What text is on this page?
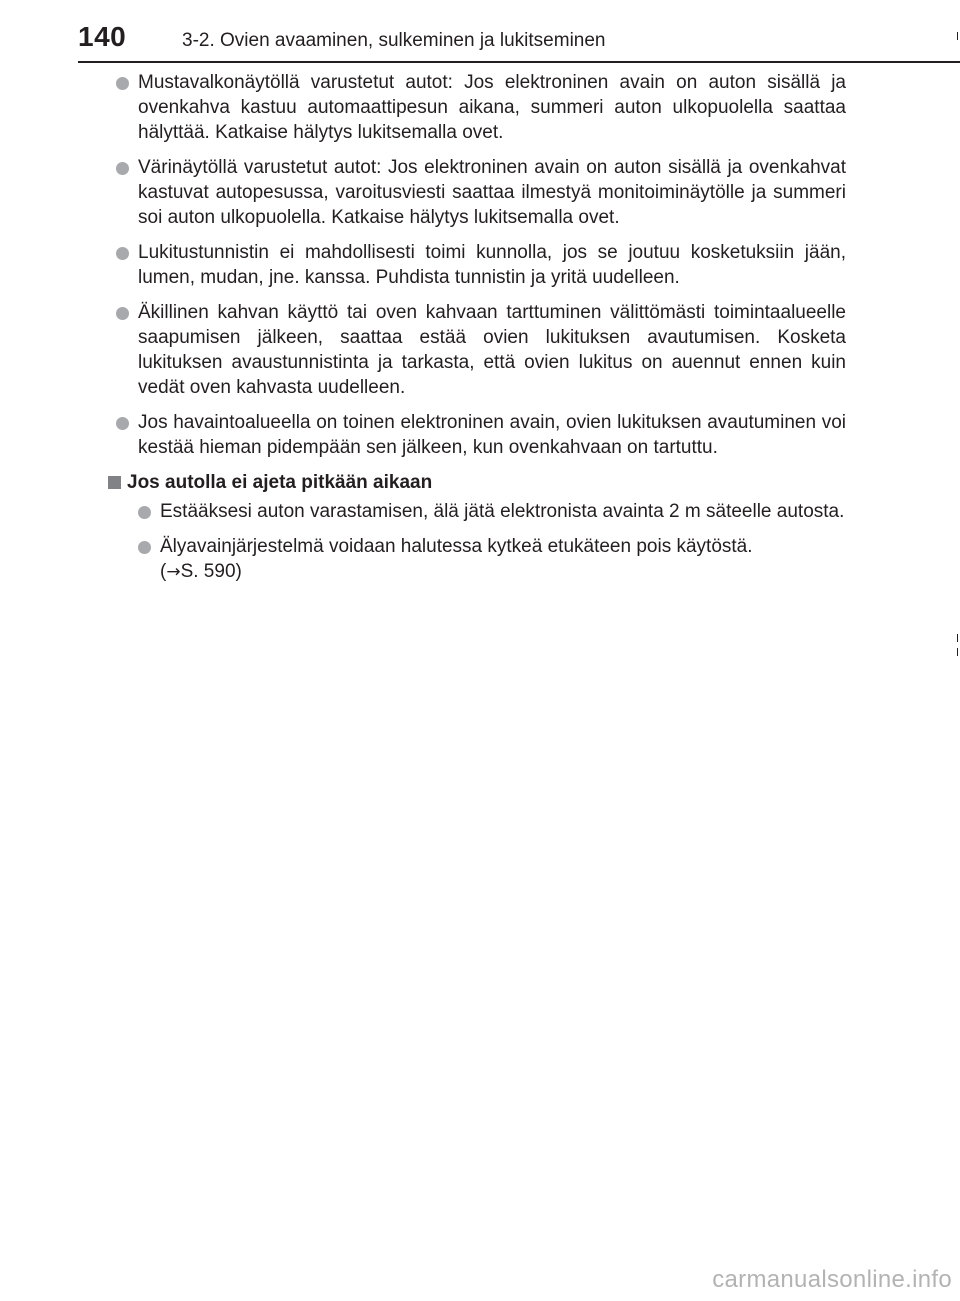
140	3-2. Ovien avaaminen, sulkeminen ja lukitseminen
Mustavalkonäytöllä varustetut autot: Jos elektroninen avain on auton sisällä ja ovenkahva kastuu automaattipesun aikana, summeri auton ulkopuolella saattaa hälyttää. Katkaise hälytys lukitsemalla ovet.
Värinäytöllä varustetut autot: Jos elektroninen avain on auton sisällä ja ovenkahvat kastuvat autopesussa, varoitusviesti saattaa ilmestyä monitoiminäytölle ja summeri soi auton ulkopuolella. Katkaise hälytys lukitsemalla ovet.
Lukitustunnistin ei mahdollisesti toimi kunnolla, jos se joutuu kosketuksiin jään, lumen, mudan, jne. kanssa. Puhdista tunnistin ja yritä uudelleen.
Äkillinen kahvan käyttö tai oven kahvaan tarttuminen välittömästi toimintaalueelle saapumisen jälkeen, saattaa estää ovien lukituksen avautumisen. Kosketa lukituksen avaustunnistinta ja tarkasta, että ovien lukitus on auennut ennen kuin vedät oven kahvasta uudelleen.
Jos havaintoalueella on toinen elektroninen avain, ovien lukituksen avautuminen voi kestää hieman pidempään sen jälkeen, kun ovenkahvaan on tartuttu.
Jos autolla ei ajeta pitkään aikaan
Estääksesi auton varastamisen, älä jätä elektronista avainta 2 m säteelle autosta.
Älyavainjärjestelmä voidaan halutessa kytkeä etukäteen pois käytöstä.
(→S. 590)
carmanualsonline.info
